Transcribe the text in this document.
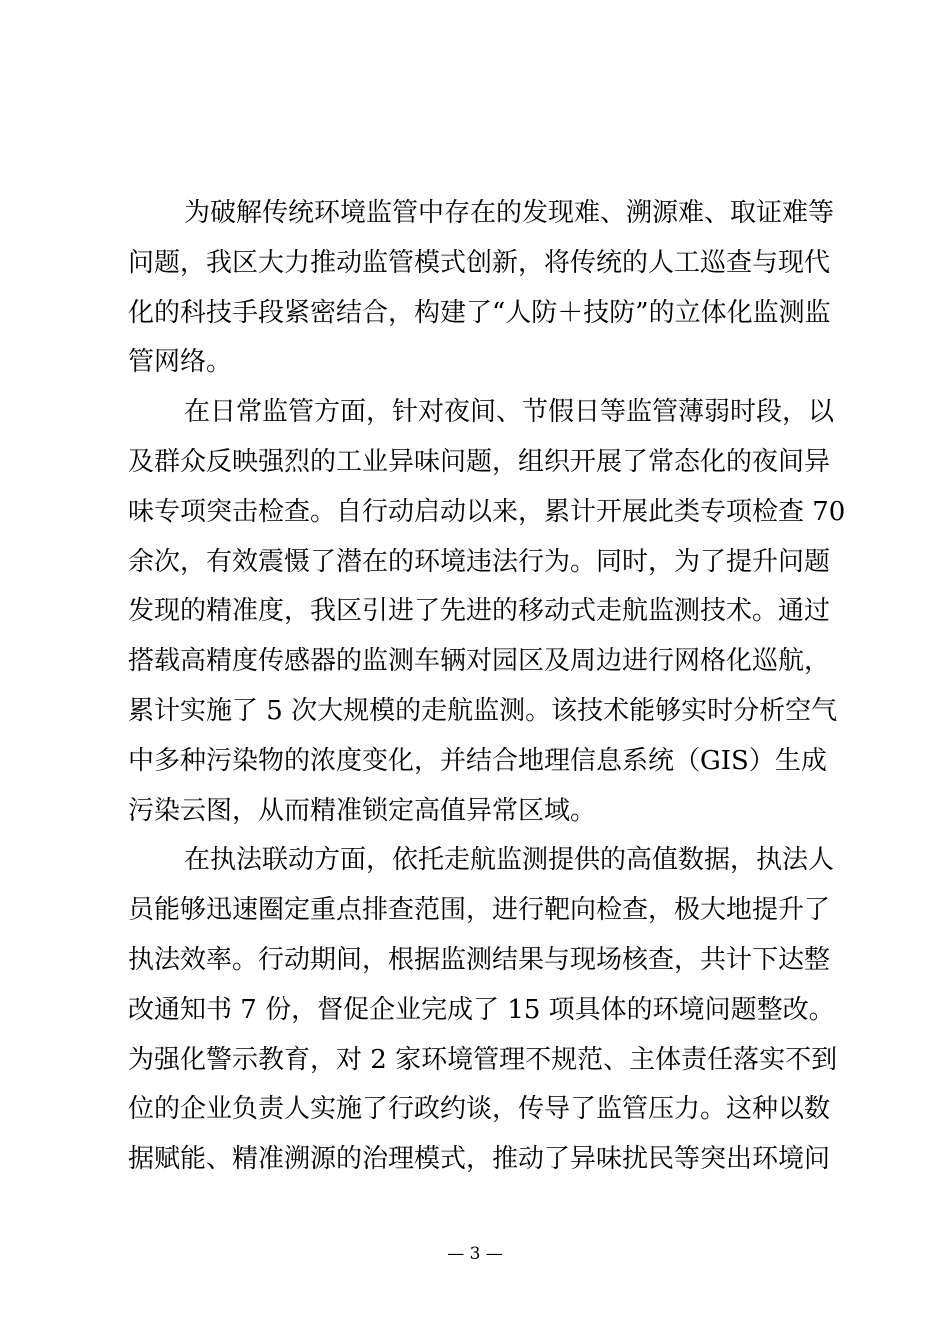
为破解传统环境监管中存在的发现难、溯源难、取证难等
问题，我区大力推动监管模式创新，将传统的人工巡查与现代
化的科技手段紧密结合，构建了“人防＋技防”的立体化监测监
管网络。
在日常监管方面，针对夜间、节假日等监管薄弱时段，以
及群众反映强烈的工业异味问题，组织开展了常态化的夜间异
味专项突击检查。自行动启动以来，累计开展此类专项检查 70
余次，有效震慑了潜在的环境违法行为。同时，为了提升问题
发现的精准度，我区引进了先进的移动式走航监测技术。通过
搭载高精度传感器的监测车辆对园区及周边进行网格化巡航，
累计实施了 5 次大规模的走航监测。该技术能够实时分析空气
中多种污染物的浓度变化，并结合地理信息系统（GIS）生成
污染云图，从而精准锁定高值异常区域。
在执法联动方面，依托走航监测提供的高值数据，执法人
员能够迅速圈定重点排查范围，进行靶向检查，极大地提升了
执法效率。行动期间，根据监测结果与现场核查，共计下达整
改通知书 7 份，督促企业完成了 15 项具体的环境问题整改。
为强化警示教育，对 2 家环境管理不规范、主体责任落实不到
位的企业负责人实施了行政约谈，传导了监管压力。这种以数
据赋能、精准溯源的治理模式，推动了异味扰民等突出环境问
— 3 —
